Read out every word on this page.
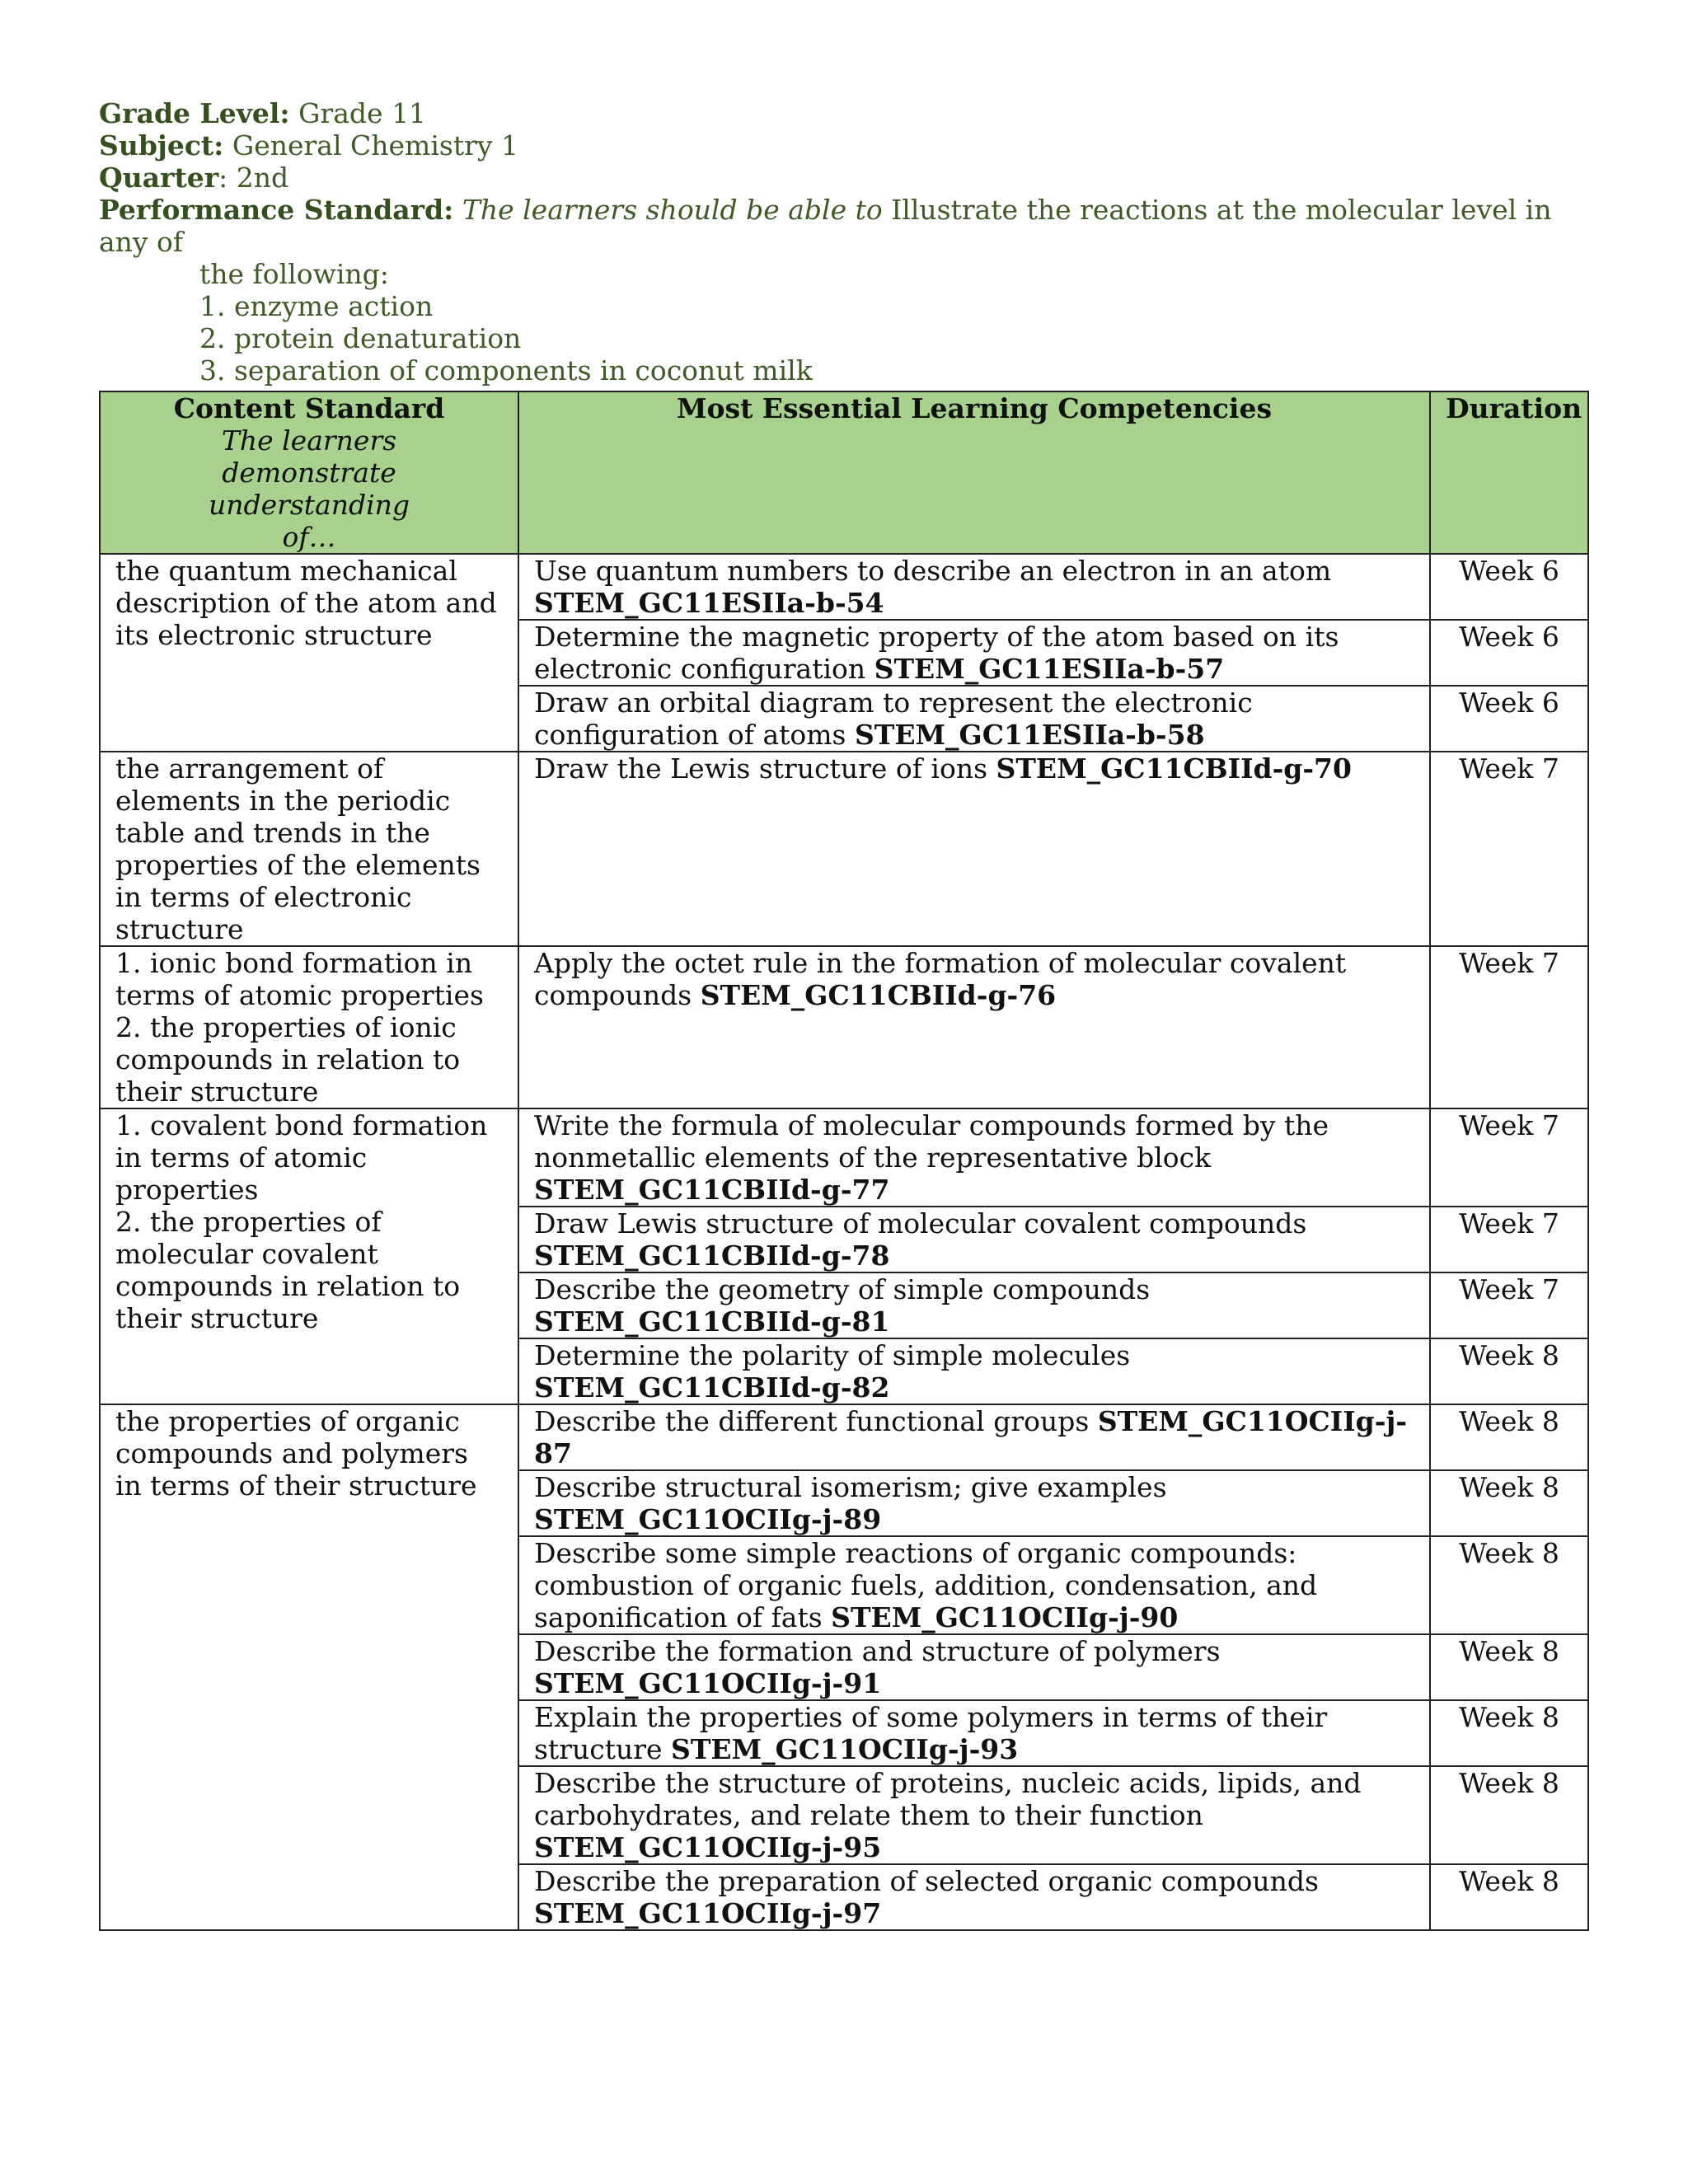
Grade Level: Grade 11
Subject: General Chemistry 1
Quarter: 2nd
Performance Standard: The learners should be able to Illustrate the reactions at the molecular level in any of
the following:
1. enzyme action
2. protein denaturation
3. separation of components in coconut milk
Content Standard
The learners demonstrate understanding of…	Most Essential Learning Competencies	Duration
the quantum mechanical description of the atom and its electronic structure	Use quantum numbers to describe an electron in an atom STEM_GC11ESIIa-b-54	Week 6
	Determine the magnetic property of the atom based on its electronic configuration STEM_GC11ESIIa-b-57	Week 6
	Draw an orbital diagram to represent the electronic configuration of atoms STEM_GC11ESIIa-b-58	Week 6
the arrangement of elements in the periodic table and trends in the properties of the elements in terms of electronic structure	Draw the Lewis structure of ions STEM_GC11CBIId-g-70	Week 7

1. ionic bond formation in terms of atomic properties
2. the properties of ionic compounds in relation to their structure	Apply the octet rule in the formation of molecular covalent compounds STEM_GC11CBIId-g-76	Week 7

1. covalent bond formation in terms of atomic properties
2. the properties of molecular covalent compounds in relation to their structure	Write the formula of molecular compounds formed by the nonmetallic elements of the representative block STEM_GC11CBIId-g-77	Week 7
	Draw Lewis structure of molecular covalent compounds STEM_GC11CBIId-g-78	Week 7
	Describe the geometry of simple compounds STEM_GC11CBIId-g-81	Week 7
	Determine the polarity of simple molecules STEM_GC11CBIId-g-82	Week 8
the properties of organic compounds and polymers in terms of their structure	Describe the different functional groups STEM_GC11OCIIg-j-87	Week 8
	Describe structural isomerism; give examples STEM_GC11OCIIg-j-89	Week 8
	Describe some simple reactions of organic compounds: combustion of organic fuels, addition, condensation, and saponification of fats STEM_GC11OCIIg-j-90	Week 8
	Describe the formation and structure of polymers STEM_GC11OCIIg-j-91	Week 8
	Explain the properties of some polymers in terms of their structure STEM_GC11OCIIg-j-93	Week 8
	Describe the structure of proteins, nucleic acids, lipids, and carbohydrates, and relate them to their function STEM_GC11OCIIg-j-95	Week 8
	Describe the preparation of selected organic compounds STEM_GC11OCIIg-j-97	Week 8
